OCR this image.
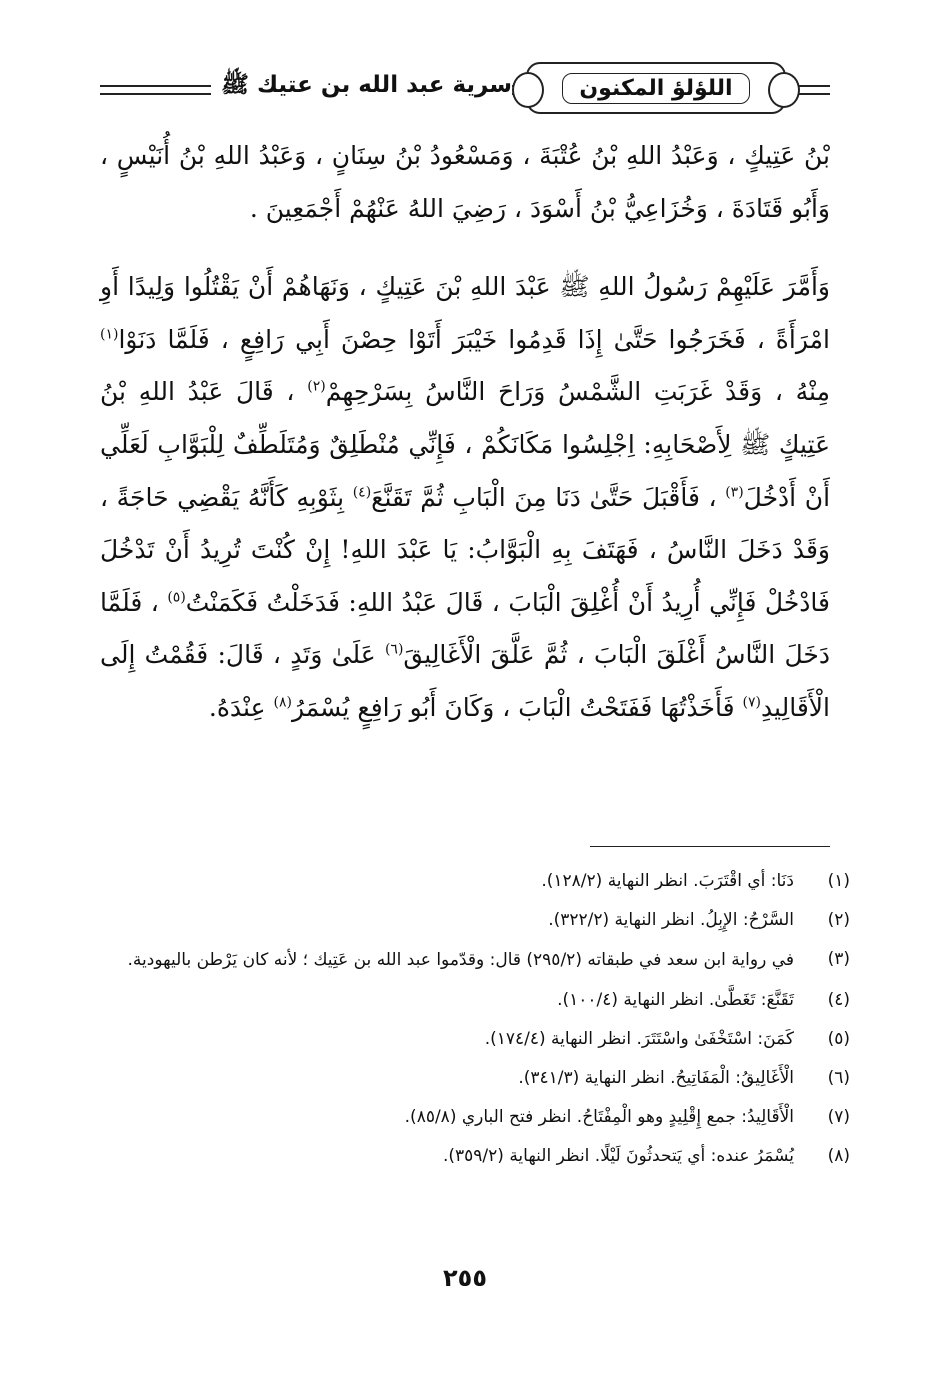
اللؤلؤ المكنون
سرية عبد الله بن عتيك ﷺ

بْنُ عَتِيكٍ ، وَعَبْدُ اللهِ بْنُ عُتْبَةَ ، وَمَسْعُودُ بْنُ سِنَانٍ ، وَعَبْدُ اللهِ بْنُ أُنَيْسٍ ، وَأَبُو قَتَادَةَ ، وَخُزَاعِيُّ بْنُ أَسْوَدَ ، رَضِيَ اللهُ عَنْهُمْ أَجْمَعِينَ .

وَأَمَّرَ عَلَيْهِمْ رَسُولُ اللهِ ﷺ عَبْدَ اللهِ بْنَ عَتِيكٍ ، وَنَهَاهُمْ أَنْ يَقْتُلُوا وَلِيدًا أَوِ امْرَأَةً ، فَخَرَجُوا حَتَّىٰ إِذَا قَدِمُوا خَيْبَرَ أَتَوْا حِصْنَ أَبِي رَافِعٍ ، فَلَمَّا دَنَوْا$^{(١)}$ مِنْهُ ، وَقَدْ غَرَبَتِ الشَّمْسُ وَرَاحَ النَّاسُ بِسَرْحِهِمْ$^{(٢)}$ ، قَالَ عَبْدُ اللهِ بْنُ عَتِيكٍ ﷺ لِأَصْحَابِهِ: اِجْلِسُوا مَكَانَكُمْ ، فَإِنِّي مُنْطَلِقٌ وَمُتَلَطِّفٌ لِلْبَوَّابِ لَعَلِّي أَنْ أَدْخُلَ$^{(٣)}$ ، فَأَقْبَلَ حَتَّىٰ دَنَا مِنَ الْبَابِ ثُمَّ تَقَنَّعَ$^{(٤)}$ بِثَوْبِهِ كَأَنَّهُ يَقْضِي حَاجَةً ، وَقَدْ دَخَلَ النَّاسُ ، فَهَتَفَ بِهِ الْبَوَّابُ: يَا عَبْدَ اللهِ! إِنْ كُنْتَ تُرِيدُ أَنْ تَدْخُلَ فَادْخُلْ فَإِنِّي أُرِيدُ أَنْ أُغْلِقَ الْبَابَ ، قَالَ عَبْدُ اللهِ: فَدَخَلْتُ فَكَمَنْتُ$^{(٥)}$ ، فَلَمَّا دَخَلَ النَّاسُ أَغْلَقَ الْبَابَ ، ثُمَّ عَلَّقَ الْأَغَالِيقَ$^{(٦)}$ عَلَىٰ وَتَدٍ ، قَالَ: فَقُمْتُ إِلَى الْأَقَالِيدِ$^{(٧)}$ فَأَخَذْتُهَا فَفَتَحْتُ الْبَابَ ، وَكَانَ أَبُو رَافِعٍ يُسْمَرُ$^{(٨)}$ عِنْدَهُ.

(١)
دَنَا: أي اقْتَرَبَ. انظر النهاية (١٢٨/٢).
(٢)
السَّرْحُ: الإِبِلُ. انظر النهاية (٣٢٢/٢).
(٣)
في رواية ابن سعد في طبقاته (٢٩٥/٢) قال: وقدّموا عبد الله بن عَتِيك ؛ لأنه كان يَرْطن باليهودية.
(٤)
تَقَنَّعَ: تَغَطَّىٰ. انظر النهاية (١٠٠/٤).
(٥)
كَمَنَ: اسْتَخْفَىٰ واسْتَتَرَ. انظر النهاية (١٧٤/٤).
(٦)
الْأَغَالِيقُ: الْمَفَاتِيحُ. انظر النهاية (٣٤١/٣).
(٧)
الْأَقَالِيدُ: جمع إِقْلِيدٍ وهو الْمِفْتَاحُ. انظر فتح الباري (٨٥/٨).
(٨)
يُسْمَرُ عنده: أي يَتحدثُونَ لَيْلًا. انظر النهاية (٣٥٩/٢).
٢٥٥
